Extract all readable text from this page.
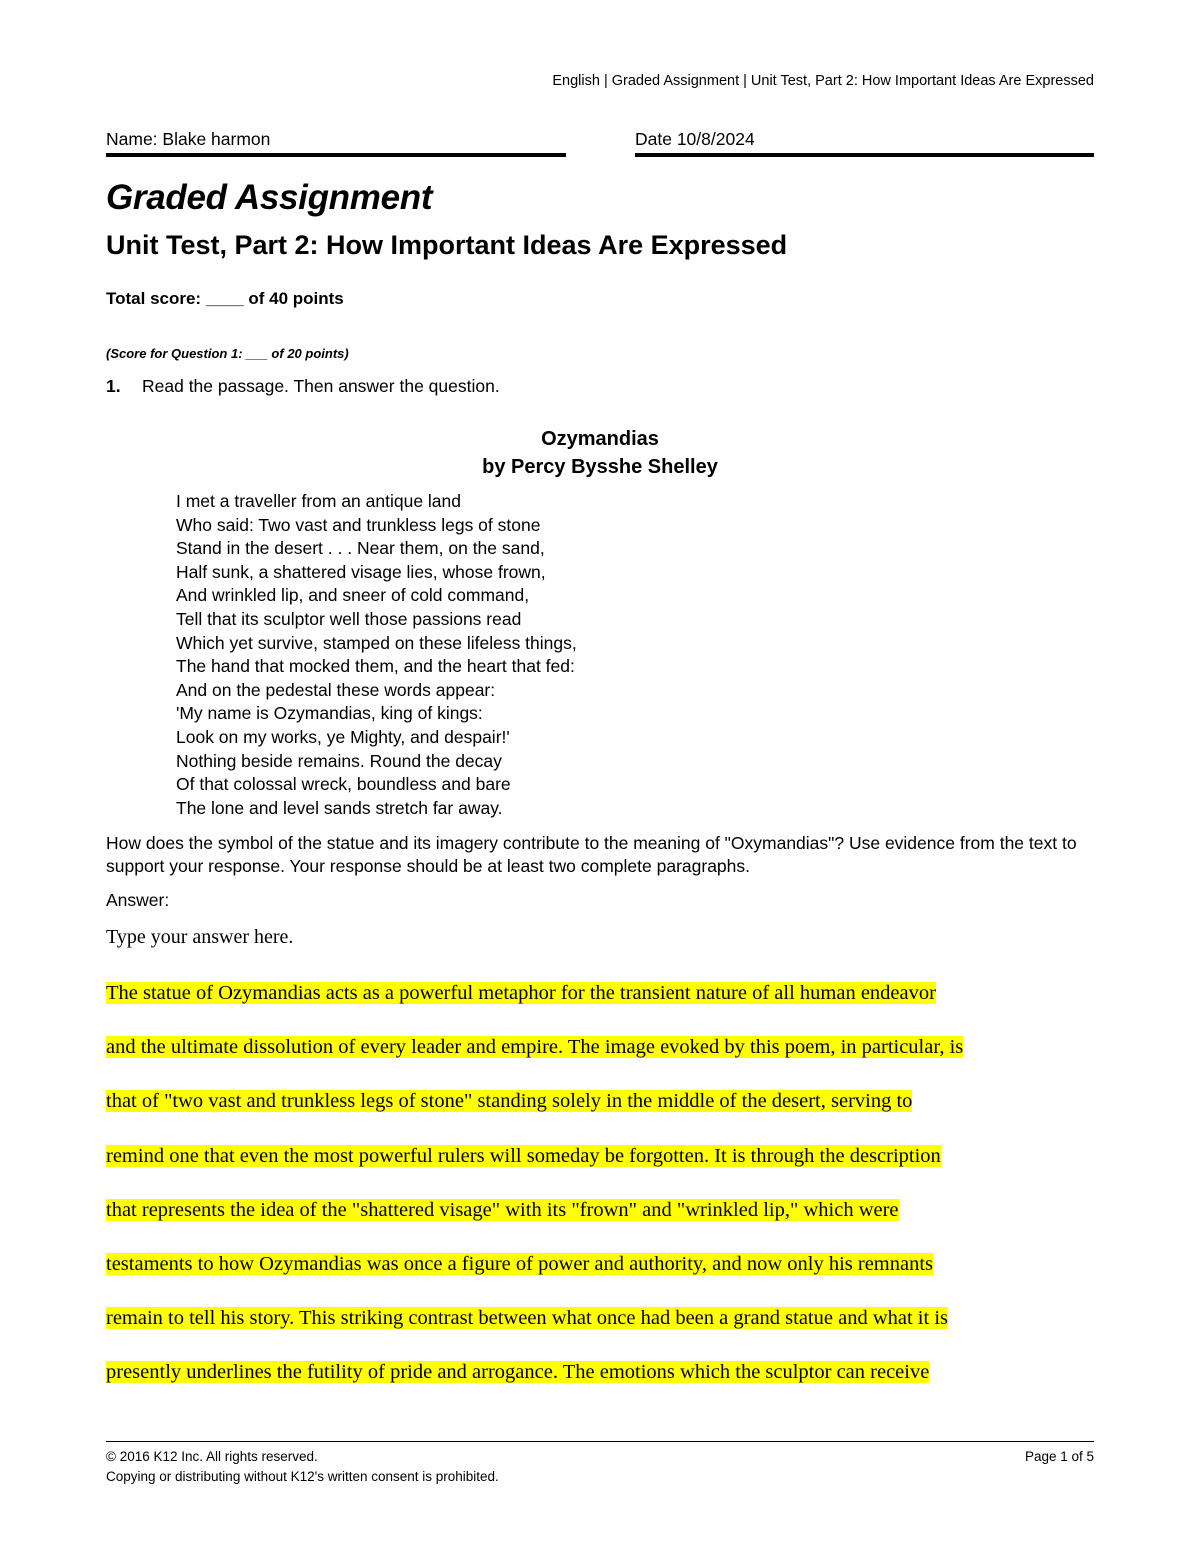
English | Graded Assignment | Unit Test, Part 2: How Important Ideas Are Expressed
Name: Blake harmon	Date 10/8/2024
Graded Assignment
Unit Test, Part 2: How Important Ideas Are Expressed
Total score: ____ of 40 points
(Score for Question 1: ___ of 20 points)
1. Read the passage. Then answer the question.
Ozymandias
by Percy Bysshe Shelley
I met a traveller from an antique land
Who said: Two vast and trunkless legs of stone
Stand in the desert . . . Near them, on the sand,
Half sunk, a shattered visage lies, whose frown,
And wrinkled lip, and sneer of cold command,
Tell that its sculptor well those passions read
Which yet survive, stamped on these lifeless things,
The hand that mocked them, and the heart that fed:
And on the pedestal these words appear:
'My name is Ozymandias, king of kings:
Look on my works, ye Mighty, and despair!'
Nothing beside remains. Round the decay
Of that colossal wreck, boundless and bare
The lone and level sands stretch far away.

How does the symbol of the statue and its imagery contribute to the meaning of "Oxymandias"? Use evidence from the text to support your response. Your response should be at least two complete paragraphs.

Answer:
Type your answer here.
The statue of Ozymandias acts as a powerful metaphor for the transient nature of all human endeavor
and the ultimate dissolution of every leader and empire. The image evoked by this poem, in particular, is
that of "two vast and trunkless legs of stone" standing solely in the middle of the desert, serving to
remind one that even the most powerful rulers will someday be forgotten. It is through the description
that represents the idea of the "shattered visage" with its "frown" and "wrinkled lip," which were
testaments to how Ozymandias was once a figure of power and authority, and now only his remnants
remain to tell his story. This striking contrast between what once had been a grand statue and what it is
presently underlines the futility of pride and arrogance. The emotions which the sculptor can receive
© 2016 K12 Inc. All rights reserved.
Copying or distributing without K12's written consent is prohibited.
Page 1 of 5
